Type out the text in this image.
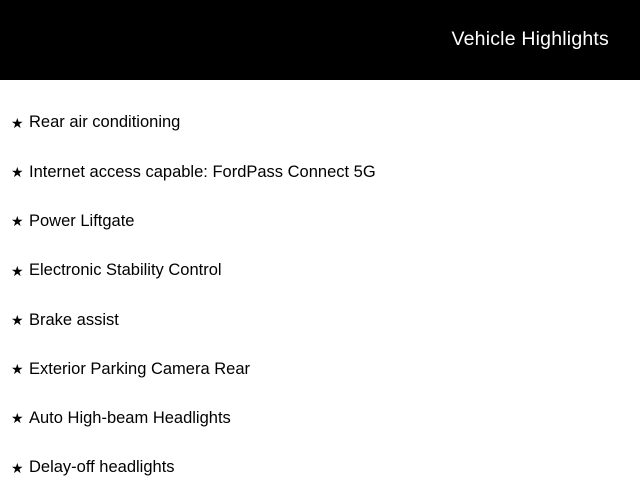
Vehicle Highlights
★ Rear air conditioning
★ Internet access capable: FordPass Connect 5G
★ Power Liftgate
★ Electronic Stability Control
★ Brake assist
★ Exterior Parking Camera Rear
★ Auto High-beam Headlights
★ Delay-off headlights
